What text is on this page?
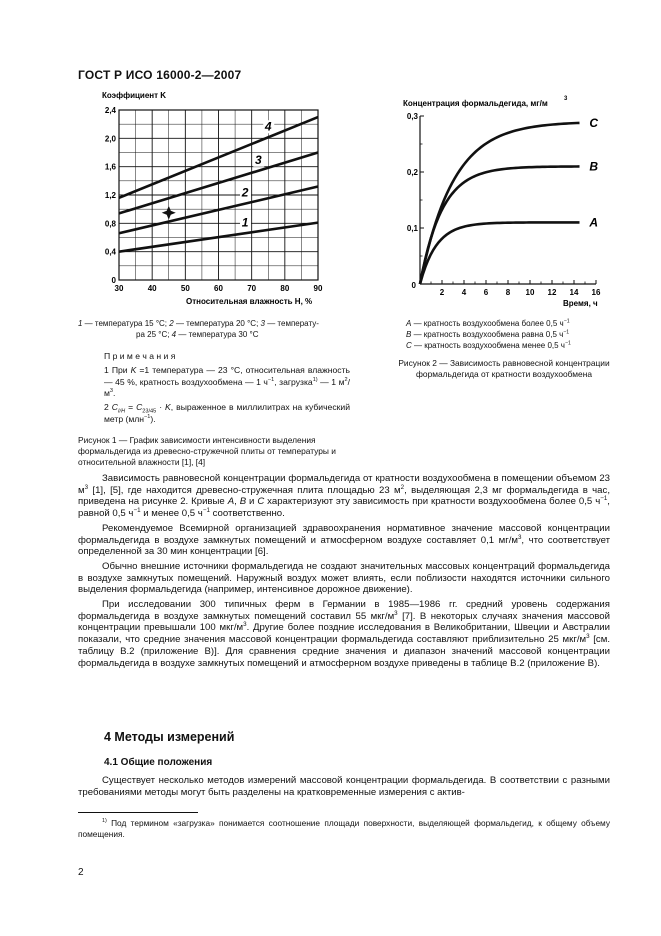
ГОСТ Р ИСО 16000-2—2007
Коэффициент K
0
0,4
0,8
1,2
1,6
2,0
2,4
30	40	50	60	70	80	90
1
2
3
4
Относительная влажность H, %
1 — температура 15 °С; 2 — температура 20 °С; 3 — температу-
ра 25 °С; 4 — температура 30 °С
П р и м е ч а н и я
1 При K =1 температура — 23 °С, относительная влажность — 45 %, кратность воздухообмена — 1 $ч^{-1}$, загрузка$^{1)}$ — 1 $м^2/м^3$.
2 $C_{I/H} = C_{23/45} \cdot K$, выраженное в миллилитрах на кубический метр (млн$^{-1}$).
Рисунок 1 — График зависимости интенсивности выделения формальдегида из древесно-стружечной плиты от температуры и относительной влажности [1], [4]
Концентрация формальдегида, мг/м	3
0
0,1
0,2
0,3
2 4 6 8 10 12 14 16
A
B
C
Время, ч
A — кратность воздухообмена более 0,5 $ч^{-1}$
B — кратность воздухообмена равна 0,5 $ч^{-1}$
C — кратность воздухообмена менее 0,5 $ч^{-1}$
Рисунок 2 — Зависимость равновесной концентрации формальдегида от кратности воздухообмена

Зависимость равновесной концентрации формальдегида от кратности воздухообмена в помещении объемом 23 $м^3$ [1], [5], где находится древесно-стружечная плита площадью 23 $м^2$, выделяющая 2,3 мг формальдегида в час, приведена на рисунке 2. Кривые A, B и C характеризуют эту зависимость при кратности воздухообмена более 0,5 $ч^{-1}$, равной 0,5 $ч^{-1}$ и менее 0,5 $ч^{-1}$ соответственно.

Рекомендуемое Всемирной организацией здравоохранения нормативное значение массовой концентрации формальдегида в воздухе замкнутых помещений и атмосферном воздухе составляет 0,1 $мг/м^3$, что соответствует определенной за 30 мин концентрации [6].

Обычно внешние источники формальдегида не создают значительных массовых концентраций формальдегида в воздухе замкнутых помещений. Наружный воздух может влиять, если поблизости находятся источники сильного выделения формальдегида (например, интенсивное дорожное движение).

При исследовании 300 типичных ферм в Германии в 1985—1986 гг. средний уровень содержания формальдегида в воздухе замкнутых помещений составил 55 мкг/$м^3$ [7]. В некоторых случаях значения массовой концентрации превышали 100 мкг/$м^3$. Другие более поздние исследования в Великобритании, Швеции и Австралии показали, что средние значения массовой концентрации формальдегида составляют приблизительно 25 мкг/$м^3$ [см. таблицу В.2 (приложение В)]. Для сравнения средние значения и диапазон значений массовой концентрации формальдегида в воздухе замкнутых помещений и атмосферном воздухе приведены в таблице В.2 (приложение В).

4 Методы измерений
4.1 Общие положения

Существует несколько методов измерений массовой концентрации формальдегида. В соответствии с разными требованиями методы могут быть разделены на кратковременные измерения с актив-

$^{1)}$ Под термином «загрузка» понимается соотношение площади поверхности, выделяющей формальдегид, к общему объему помещения.
2
